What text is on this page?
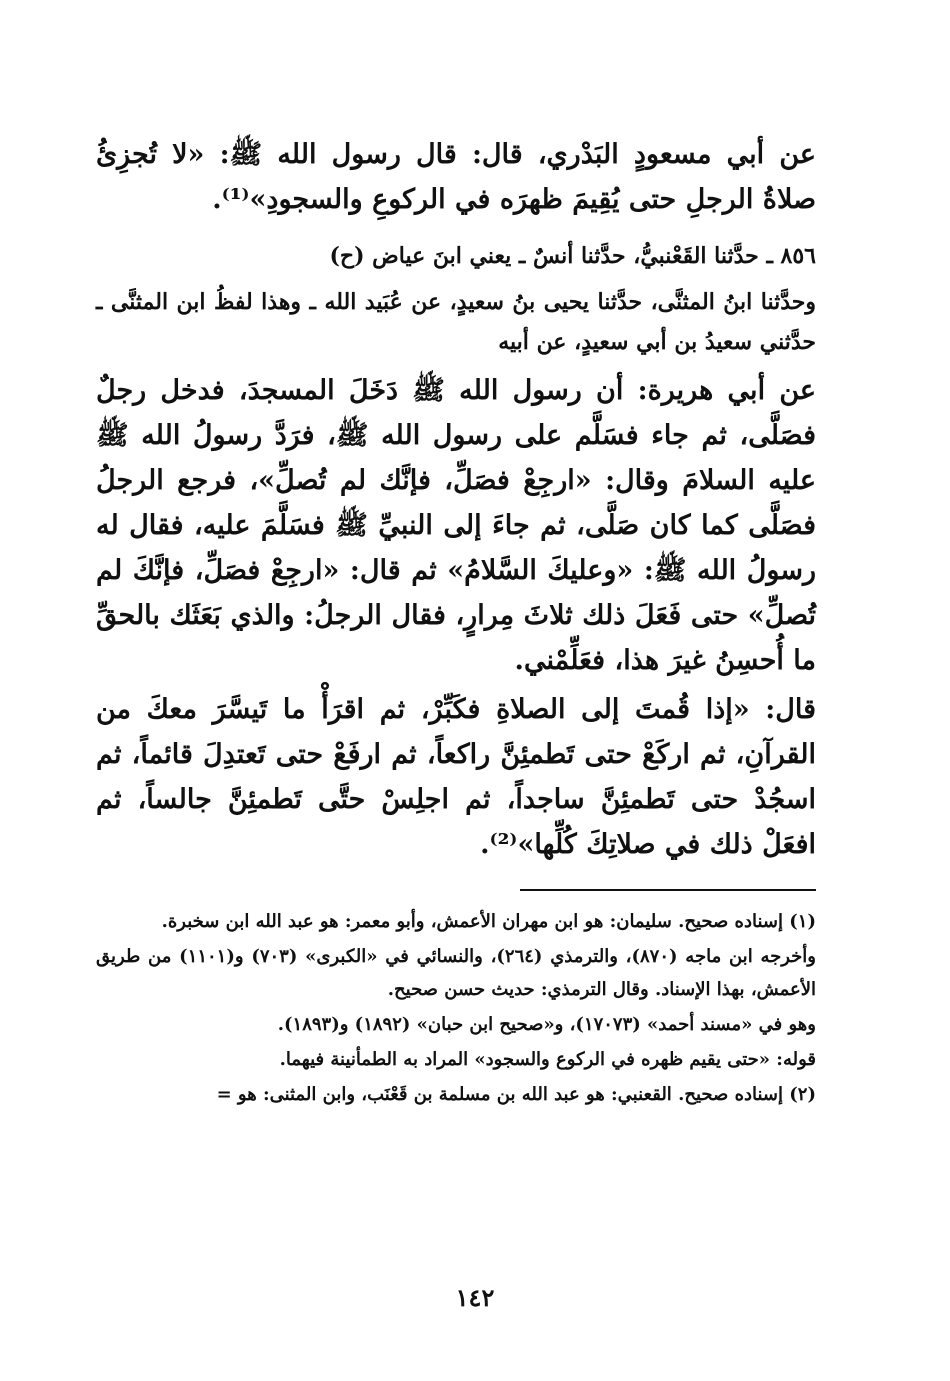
عن أبي مسعودٍ البَدْري، قال: قال رسول الله ﷺ: «لا تُجزِئُ صلاةُ الرجلِ حتى يُقِيمَ ظهرَه في الركوعِ والسجودِ»⁽¹⁾.

٨٥٦ ـ حدَّثنا القَعْنبيُّ، حدَّثنا أنسٌ ـ يعني ابنَ عياض (ح)

وحدَّثنا ابنُ المثنَّى، حدَّثنا يحيى بنُ سعيدٍ، عن عُبَيد الله ـ وهذا لفظُ ابن المثنَّى ـ حدَّثني سعيدُ بن أبي سعيدٍ، عن أبيه

عن أبي هريرة: أن رسول الله ﷺ دَخَلَ المسجدَ، فدخل رجلٌ فصَلَّى، ثم جاء فسَلَّم على رسول الله ﷺ، فرَدَّ رسولُ الله ﷺ عليه السلامَ وقال: «ارجِعْ فصَلِّ، فإنَّك لم تُصلِّ»، فرجع الرجلُ فصَلَّى كما كان صَلَّى، ثم جاءَ إلى النبيِّ ﷺ فسَلَّمَ عليه، فقال له رسولُ الله ﷺ: «وعليكَ السَّلامُ» ثم قال: «ارجِعْ فصَلِّ، فإنَّكَ لم تُصلِّ» حتى فَعَلَ ذلك ثلاثَ مِرارٍ، فقال الرجلُ: والذي بَعَثَك بالحقِّ ما أُحسِنُ غيرَ هذا، فعَلِّمْني.

قال: «إذا قُمتَ إلى الصلاةِ فكَبِّرْ، ثم اقرَأْ ما تَيسَّرَ معكَ من القرآنِ، ثم اركَعْ حتى تَطمئِنَّ راكعاً، ثم ارفَعْ حتى تَعتدِلَ قائماً، ثم اسجُدْ حتى تَطمئِنَّ ساجداً، ثم اجلِسْ حتَّى تَطمئِنَّ جالساً، ثم افعَلْ ذلك في صلاتِكَ كُلِّها»⁽²⁾.

(١) إسناده صحيح. سليمان: هو ابن مهران الأعمش، وأبو معمر: هو عبد الله ابن سخبرة.

وأخرجه ابن ماجه (٨٧٠)، والترمذي (٢٦٤)، والنسائي في «الكبرى» (٧٠٣) و(١١٠١) من طريق الأعمش، بهذا الإسناد. وقال الترمذي: حديث حسن صحيح.

وهو في «مسند أحمد» (١٧٠٧٣)، و«صحيح ابن حبان» (١٨٩٢) و(١٨٩٣).

قوله: «حتى يقيم ظهره في الركوع والسجود» المراد به الطمأنينة فيهما.

(٢) إسناده صحيح. القعنبي: هو عبد الله بن مسلمة بن قَعْنَب، وابن المثنى: هو =

١٤٢
